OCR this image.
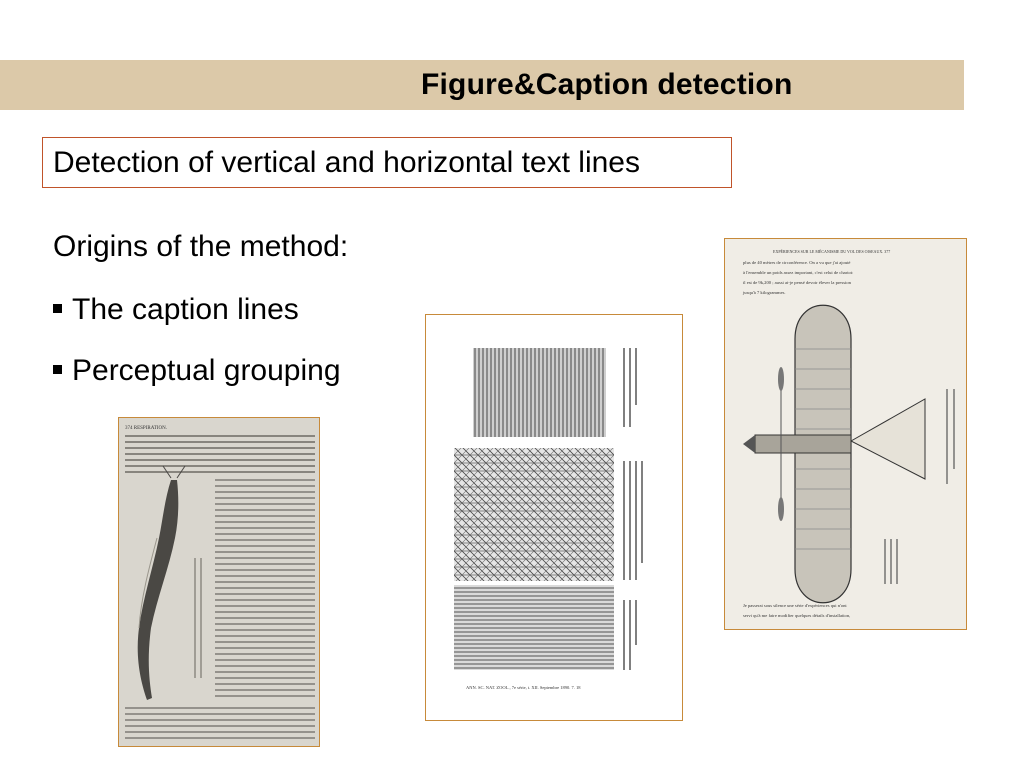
Figure&Caption detection
Detection of vertical and horizontal text lines
Origins of the method:
The caption lines
Perceptual grouping
374 RESPIRATION.
ANN. SC. NAT. ZOOL., 7e série, t. XII. Septembre 1890. 7. 18
EXPÉRIENCES SUR LE MÉCANISME DU VOL DES OISEAUX. 377
plus de 40 mètres de circonférence. On a vu que j'ai ajouté
à l'ensemble un poids assez important, c'est celui de chariot:
il est de 9k,200 ; aussi ai-je pensé devoir élever la pression
jusqu'à 7 kilogrammes.
Je passerai sous silence une série d'expériences qui n'ont
servi qu'à me faire modifier quelques détails d'installation,
